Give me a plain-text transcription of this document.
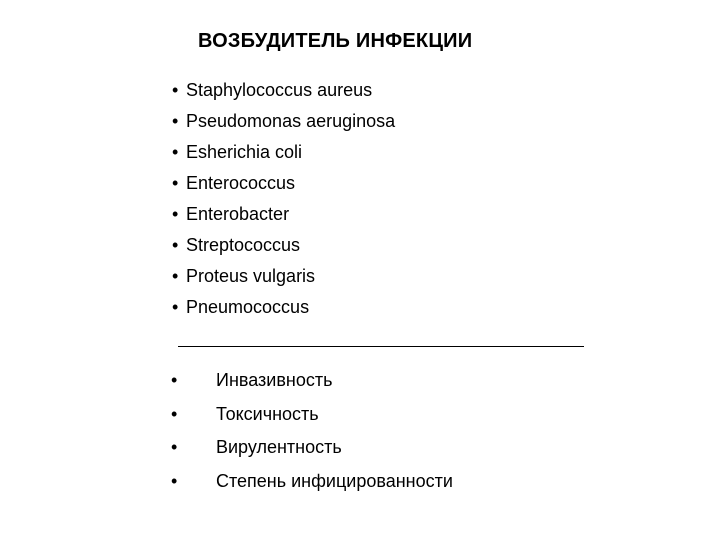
ВОЗБУДИТЕЛЬ ИНФЕКЦИИ
• Staphylococcus aureus
• Pseudomonas aeruginosa
• Esherichia coli
• Enterococcus
• Enterobacter
• Streptococcus
• Proteus vulgaris
• Pneumococcus
• Инвазивность
• Токсичность
• Вирулентность
• Степень инфицированности
